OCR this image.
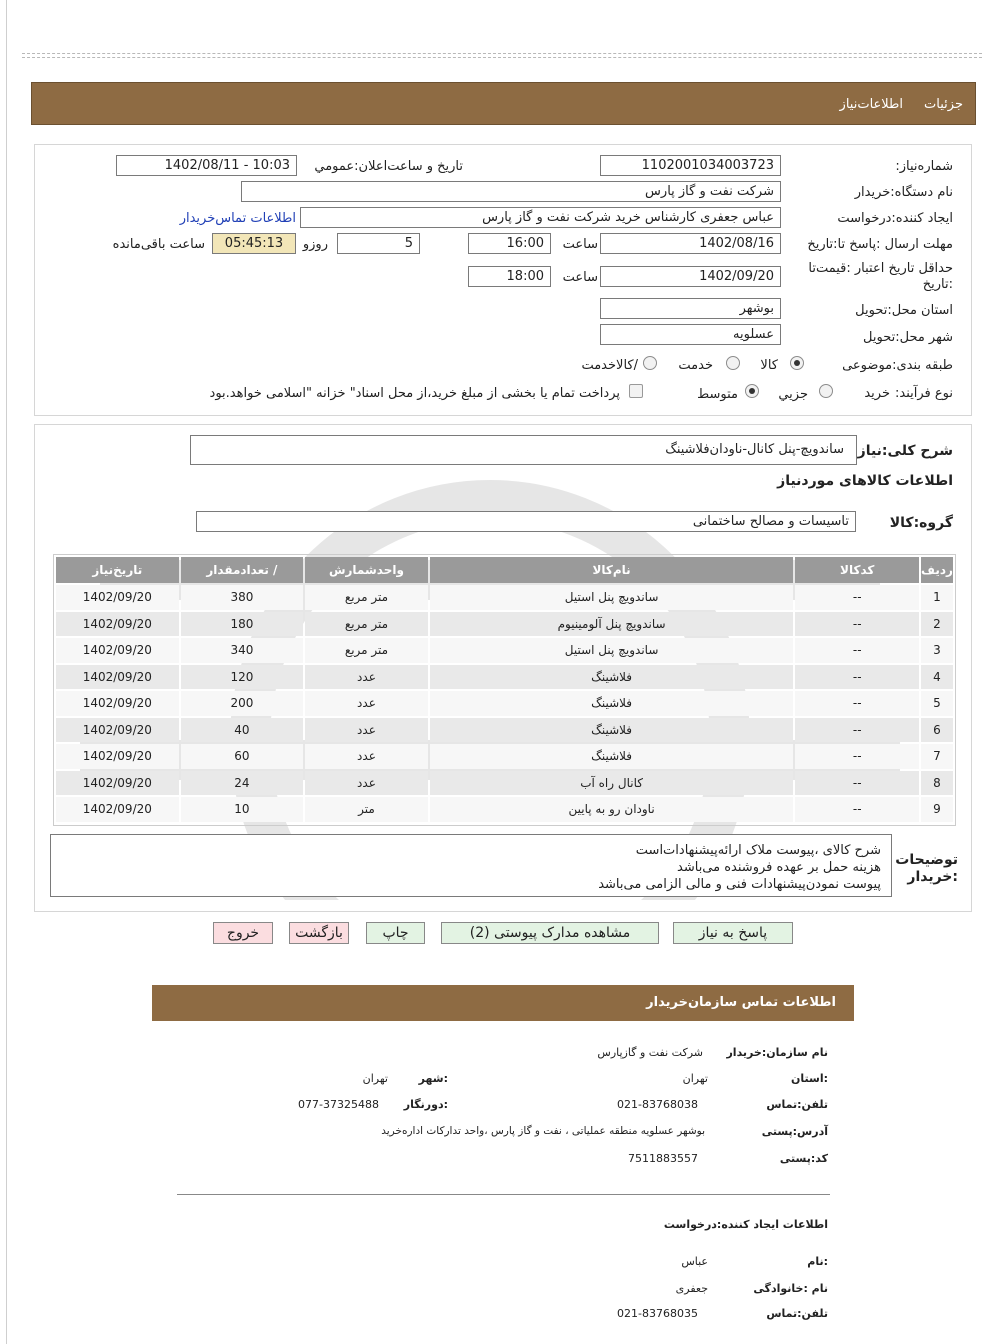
جزئیات
اطلاعات‌نیاز
شماره‌نیاز:
1102001034003723
تاریخ و ساعت‌اعلان‌:عمومي
1402/08/11 - 10:03
نام دستگاه‌:خریدار
شرکت نفت و گاز پارس
ایجاد کننده‌:درخواست
عباس جعفری کارشناس خرید شرکت نفت و گاز پارس
اطلاعات تماس‌خریدار
مهلت ارسال :پاسخ تا‌:تاریخ
1402/08/16
ساعت
16:00
5
روزو
05:45:13
ساعت باقی‌مانده
حداقل تاریخ اعتبار :قیمت‌تا
:تاریخ
1402/09/20
ساعت
18:00
استان محل‌:تحویل
بوشهر
شهر محل‌:تحویل
عسلویه
طبقه بندی‌:موضوعی
کالا
خدمت
/کالاخدمت
نوع فرآیند:
خرید
جزیي
متوسط
پرداخت تمام یا بخشی از مبلغ خرید،از محل اسناد" خزانه "اسلامی خواهد.بود
شرح کلی:نیاز
ساندویچ-پنل کانال-ناودان‌فلاشینگ
اطلاعات کالاهای موردنیاز
گروه:کالا
تاسیسات و مصالح ساختمانی
ردیف	کدکالا	نام‌کالا	واحدشمارش	/ تعدادمقدار	تاریخ‌نیاز
1	--	ساندویچ پنل استیل	متر مربع	380	1402/09/20
2	--	ساندویچ پنل آلومینیوم	متر مربع	180	1402/09/20
3	--	ساندویچ پنل استیل	متر مربع	340	1402/09/20
4	--	فلاشینگ	عدد	120	1402/09/20
5	--	فلاشینگ	عدد	200	1402/09/20
6	--	فلاشینگ	عدد	40	1402/09/20
7	--	فلاشینگ	عدد	60	1402/09/20
8	--	کانال راه آب	عدد	24	1402/09/20
9	--	ناودان رو به پایین	متر	10	1402/09/20
توضیحات
:خریدار
شرح کالای ،پیوست ملاک ارائه‌پیشنهادات‌است
هزینه حمل بر عهده فروشنده می‌باشد
پیوست نمودن‌پیشنهادات فنی و مالی الزامی می‌باشد
پاسخ به نیاز
مشاهده مدارک پیوستی (2)
چاپ
بازگشت
خروج
اطلاعات تماس سازمان‌خریدار
نام سازمان:خریدار
شرکت نفت و گاز‌پارس
:استان
تهران
:شهر
تهران
تلفن:تماس
021-83768038
:دورنگار
077-37325488
آدرس:پستی
بوشهر عسلویه منطقه عملیاتی ، نفت و گاز پارس ،واحد تدارکات اداره‌خرید
کد:پستی
7511883557
اطلاعات ایجاد کننده:درخواست
:نام
عباس
نام :خانوادگی
جعفری
تلفن:تماس
021-83768035
